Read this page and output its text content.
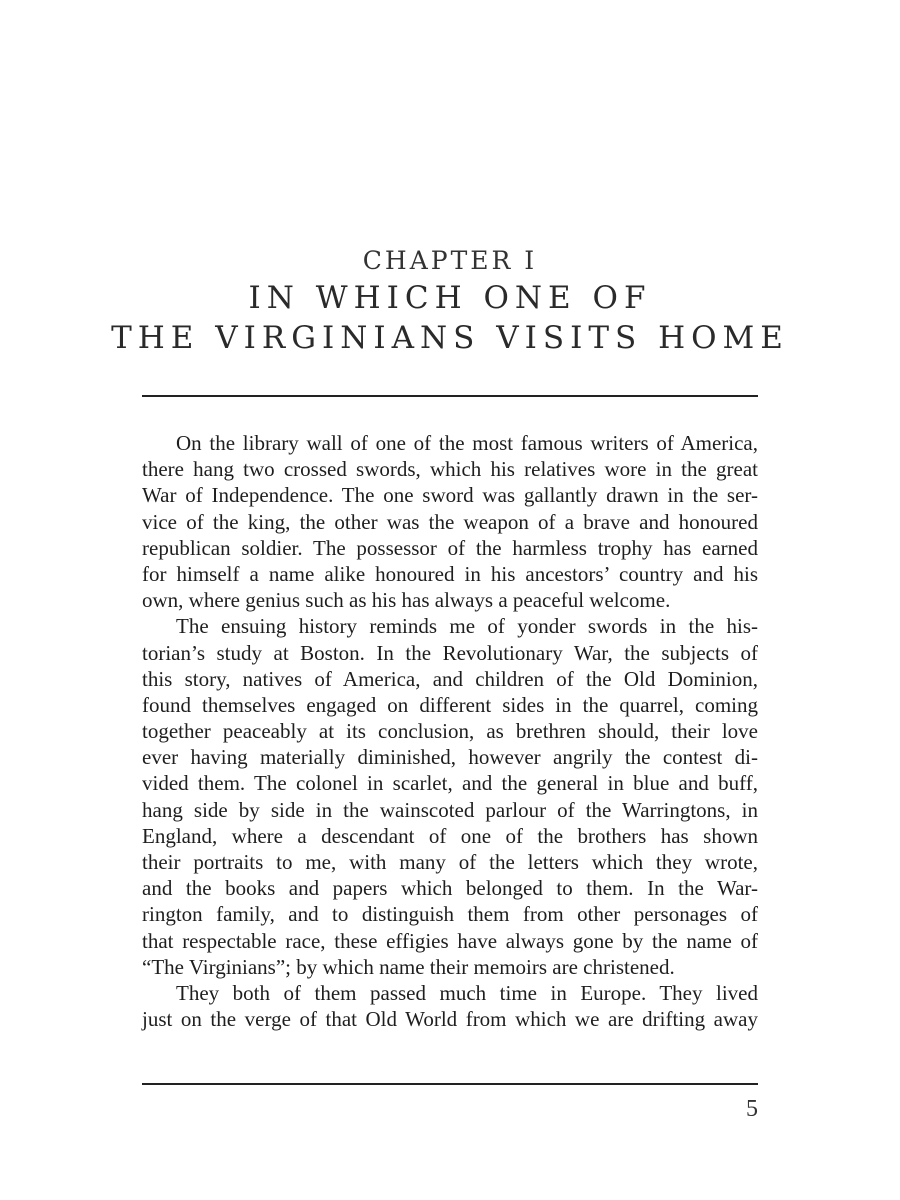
CHAPTER I
IN WHICH ONE OF
THE VIRGINIANS VISITS HOME
On the library wall of one of the most famous writers of America,
there hang two crossed swords, which his relatives wore in the great
War of Independence. The one sword was gallantly drawn in the ser-
vice of the king, the other was the weapon of a brave and honoured
republican soldier. The possessor of the harmless trophy has earned
for himself a name alike honoured in his ancestors’ country and his
own, where genius such as his has always a peaceful welcome.
The ensuing history reminds me of yonder swords in the his-
torian’s study at Boston. In the Revolutionary War, the subjects of
this story, natives of America, and children of the Old Dominion,
found themselves engaged on different sides in the quarrel, coming
together peaceably at its conclusion, as brethren should, their love
ever having materially diminished, however angrily the contest di-
vided them. The colonel in scarlet, and the general in blue and buff,
hang side by side in the wainscoted parlour of the Warringtons, in
England, where a descendant of one of the brothers has shown
their portraits to me, with many of the letters which they wrote,
and the books and papers which belonged to them. In the War-
rington family, and to distinguish them from other personages of
that respectable race, these effigies have always gone by the name of
“The Virginians”; by which name their memoirs are christened.
They both of them passed much time in Europe. They lived
just on the verge of that Old World from which we are drifting away
5
